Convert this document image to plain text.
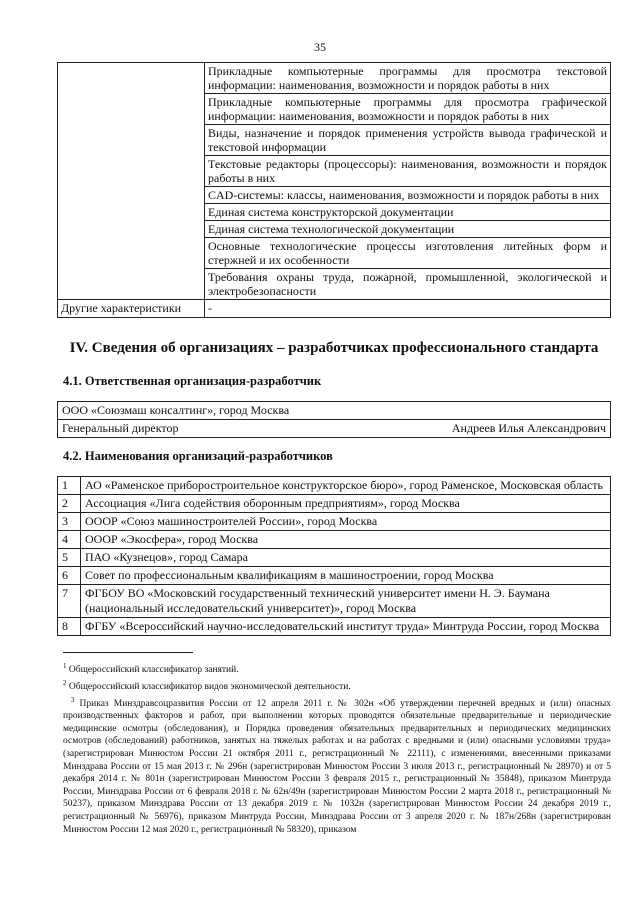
35
	Прикладные компьютерные программы для просмотра текстовой информации: наименования, возможности и порядок работы в них
	Прикладные компьютерные программы для просмотра графической информации: наименования, возможности и порядок работы в них
	Виды, назначение и порядок применения устройств вывода графической и текстовой информации
	Текстовые редакторы (процессоры): наименования, возможности и порядок работы в них
	CAD-системы: классы, наименования, возможности и порядок работы в них
	Единая система конструкторской документации
	Единая система технологической документации
	Основные технологические процессы изготовления литейных форм и стержней и их особенности
	Требования охраны труда, пожарной, промышленной, экологической и электробезопасности
Другие характеристики	-
IV. Сведения об организациях – разработчиках профессионального стандарта
4.1. Ответственная организация-разработчик
ООО «Союзмаш консалтинг», город Москва

Генеральный директор	Андреев Илья Александрович
4.2. Наименования организаций-разработчиков
1	АО «Раменское приборостроительное конструкторское бюро», город Раменское, Московская область
2	Ассоциация «Лига содействия оборонным предприятиям», город Москва
3	ООOР «Союз машиностроителей России», город Москва
4	ООOР «Экосфера», город Москва
5	ПАО «Кузнецов», город Самара
6	Совет по профессиональным квалификациям в машиностроении, город Москва
7	ФГБОУ ВО «Московский государственный технический университет имени Н. Э. Баумана (национальный исследовательский университет)», город Москва
8	ФГБУ «Всероссийский научно-исследовательский институт труда» Минтруда России, город Москва

$^1$ Общероссийский классификатор занятий.

$^2$ Общероссийский классификатор видов экономической деятельности.

$^3$ Приказ Минздравсоцразвития России от 12 апреля 2011 г. № 302н «Об утверждении перечней вредных и (или) опасных производственных факторов и работ, при выполнении которых проводятся обязательные предварительные и периодические медицинские осмотры (обследования), и Порядка проведения обязательных предварительных и периодических медицинских осмотров (обследований) работников, занятых на тяжелых работах и на работах с вредными и (или) опасными условиями труда» (зарегистрирован Минюстом России 21 октября 2011 г., регистрационный № 22111), с изменениями, внесенными приказами Минздрава России от 15 мая 2013 г. № 296н (зарегистрирован Минюстом России 3 июля 2013 г., регистрационный № 28970) и от 5 декабря 2014 г. № 801н (зарегистрирован Минюстом России 3 февраля 2015 г., регистрационный № 35848), приказом Минтруда России, Минздрава России от 6 февраля 2018 г. № 62н/49н (зарегистрирован Минюстом России 2 марта 2018 г., регистрационный № 50237), приказом Минздрава России от 13 декабря 2019 г. № 1032н (зарегистрирован Минюстом России 24 декабря 2019 г., регистрационный № 56976), приказом Минтруда России, Минздрава России от 3 апреля 2020 г. № 187н/268н (зарегистрирован Минюстом России 12 мая 2020 г., регистрационный № 58320), приказом
